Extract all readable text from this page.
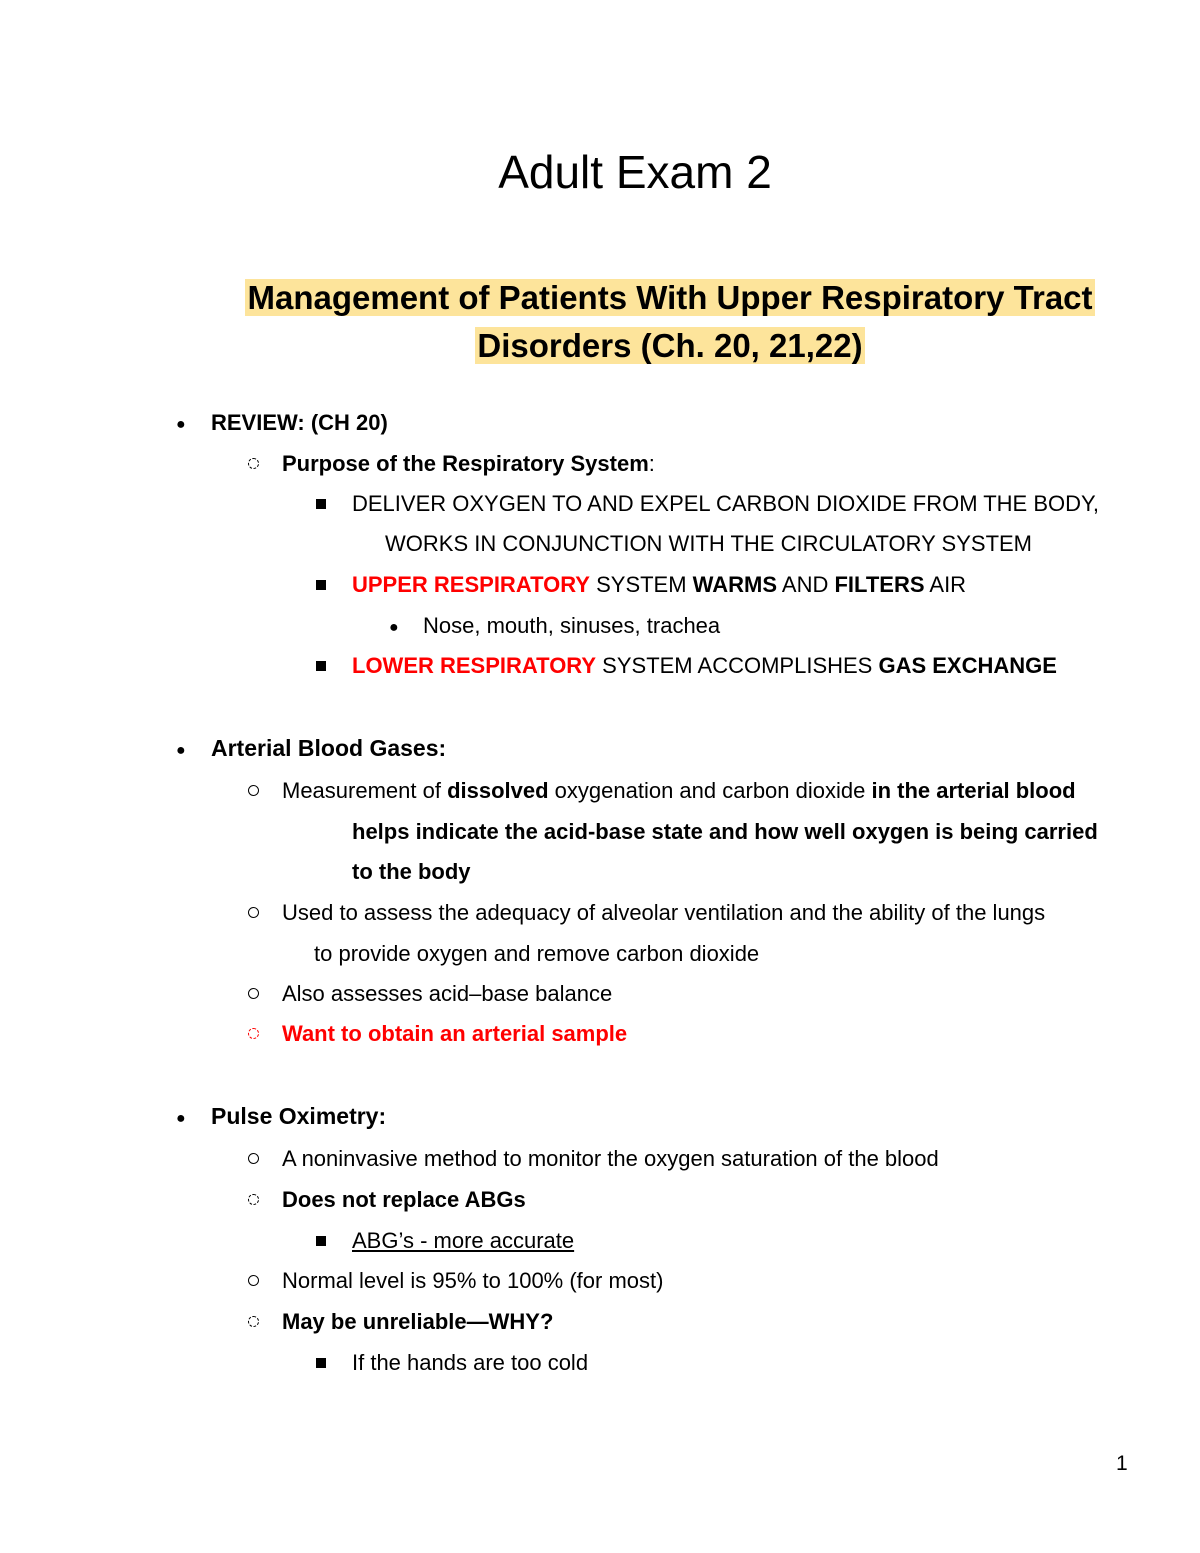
Adult Exam 2
Management of Patients With Upper Respiratory Tract
Disorders (Ch. 20, 21,22)
● REVIEW: (CH 20)
Purpose of the Respiratory System:
DELIVER OXYGEN TO AND EXPEL CARBON DIOXIDE FROM THE BODY,
WORKS IN CONJUNCTION WITH THE CIRCULATORY SYSTEM
UPPER RESPIRATORY SYSTEM WARMS AND FILTERS AIR
● Nose, mouth, sinuses, trachea
LOWER RESPIRATORY SYSTEM ACCOMPLISHES GAS EXCHANGE
● Arterial Blood Gases:
Measurement of dissolved oxygenation and carbon dioxide in the arterial blood
helps indicate the acid-base state and how well oxygen is being carried
to the body
Used to assess the adequacy of alveolar ventilation and the ability of the lungs
to provide oxygen and remove carbon dioxide
Also assesses acid–base balance
Want to obtain an arterial sample
● Pulse Oximetry:
A noninvasive method to monitor the oxygen saturation of the blood
Does not replace ABGs
ABG’s - more accurate
Normal level is 95% to 100% (for most)
May be unreliable—WHY?
If the hands are too cold
1
